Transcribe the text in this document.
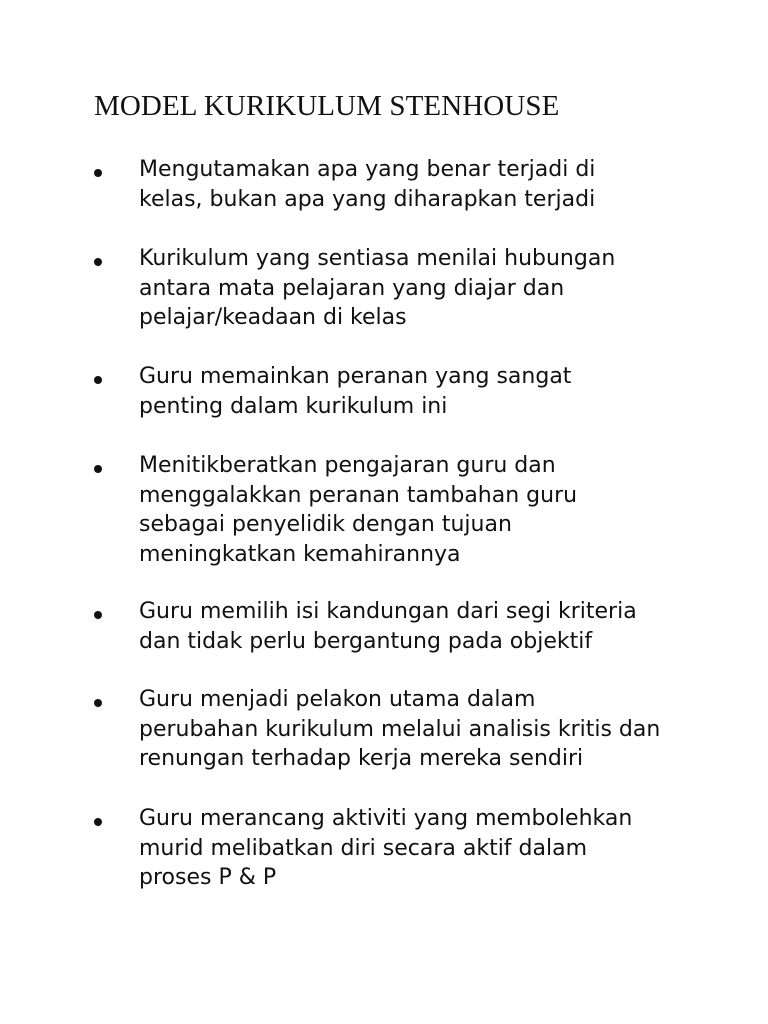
MODEL KURIKULUM STENHOUSE
Mengutamakan apa yang benar terjadi di
kelas, bukan apa yang diharapkan terjadi
Kurikulum yang sentiasa menilai hubungan
antara mata pelajaran yang diajar dan
pelajar/keadaan di kelas
Guru memainkan peranan yang sangat
penting dalam kurikulum ini
Menitikberatkan pengajaran guru dan
menggalakkan peranan tambahan guru
sebagai penyelidik dengan tujuan
meningkatkan kemahirannya
Guru memilih isi kandungan dari segi kriteria
dan tidak perlu bergantung pada objektif
Guru menjadi pelakon utama dalam
perubahan kurikulum melalui analisis kritis dan
renungan terhadap kerja mereka sendiri
Guru merancang aktiviti yang membolehkan
murid melibatkan diri secara aktif dalam
proses P & P
